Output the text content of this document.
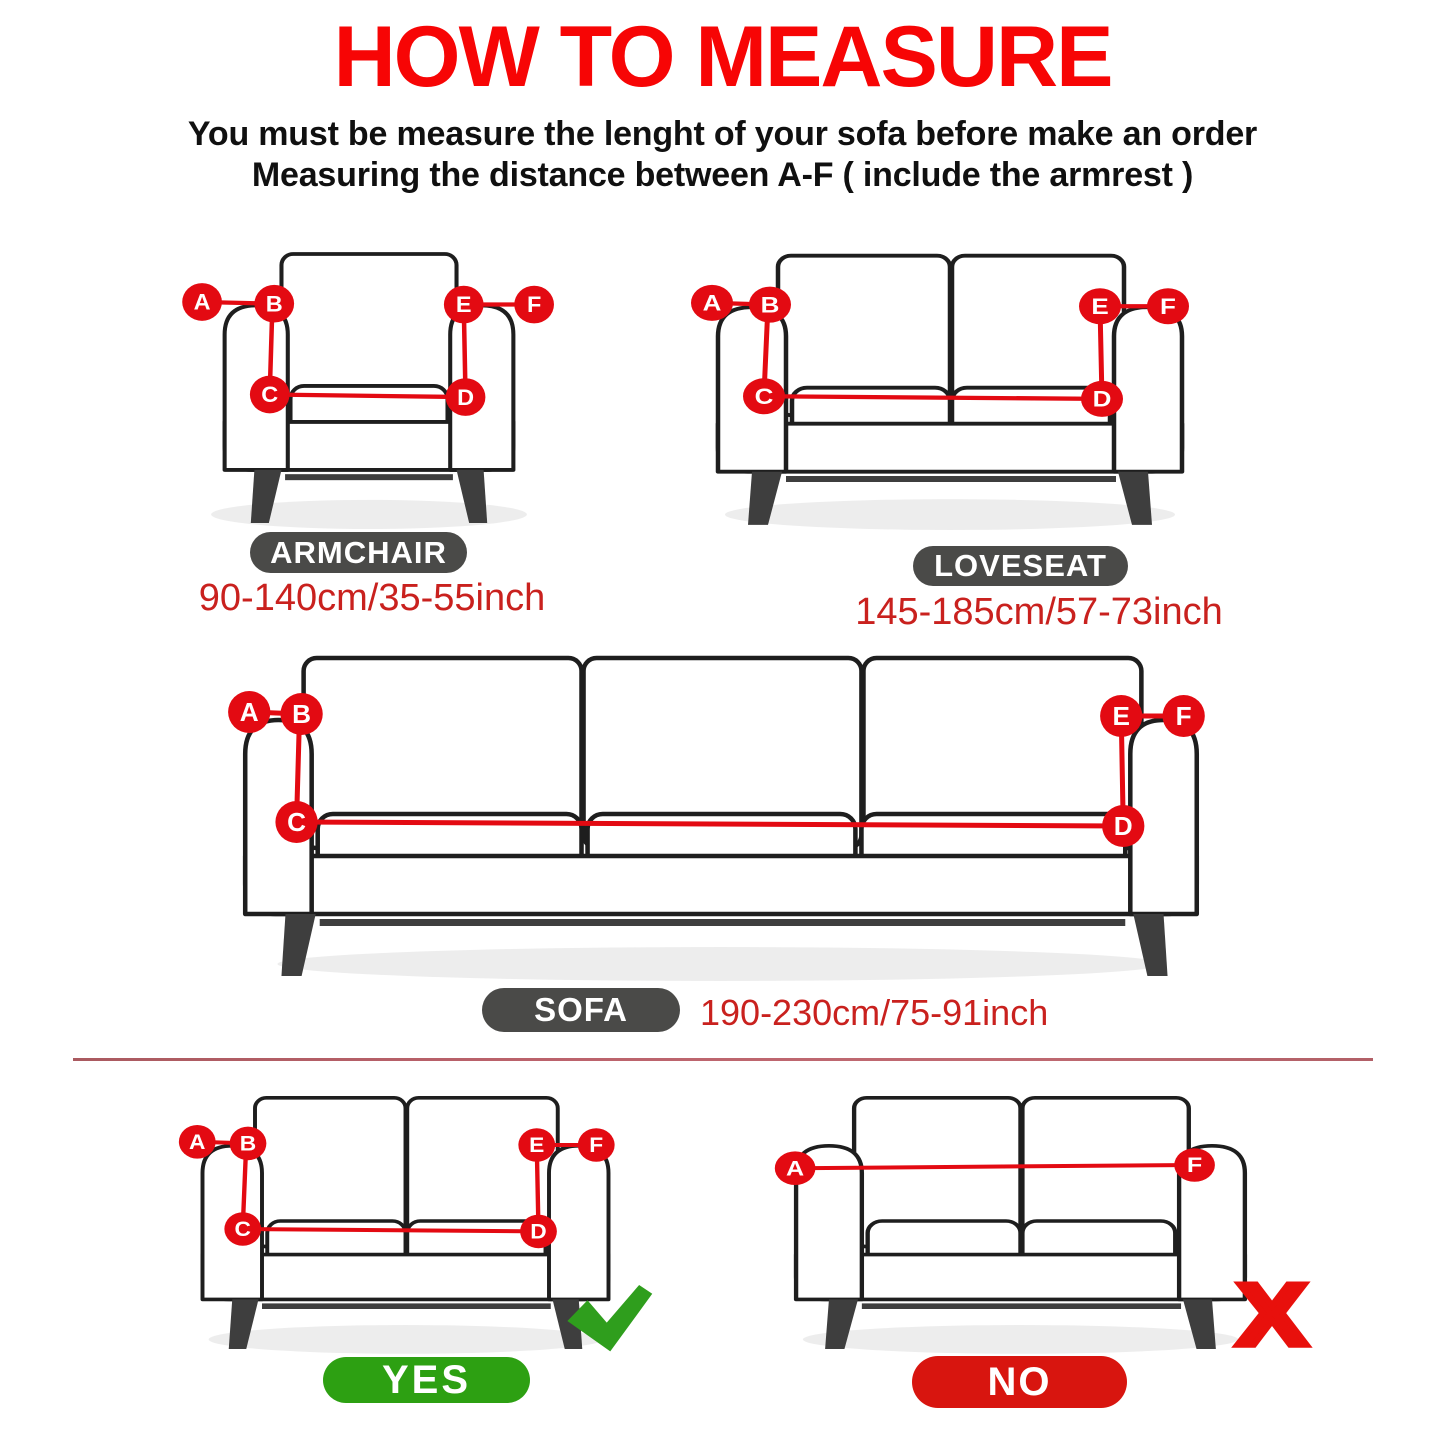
HOW TO MEASURE
You must be measure the lenght of your sofa before make an order
Measuring the distance between A-F ( include the armrest )
A B
C	D
E F
A B
C	D
E F
ARMCHAIR
90-140cm/35-55inch
LOVESEAT
145-185cm/57-73inch
SOFA	190-230cm/75-91inch
YES
A	F
X
NO
